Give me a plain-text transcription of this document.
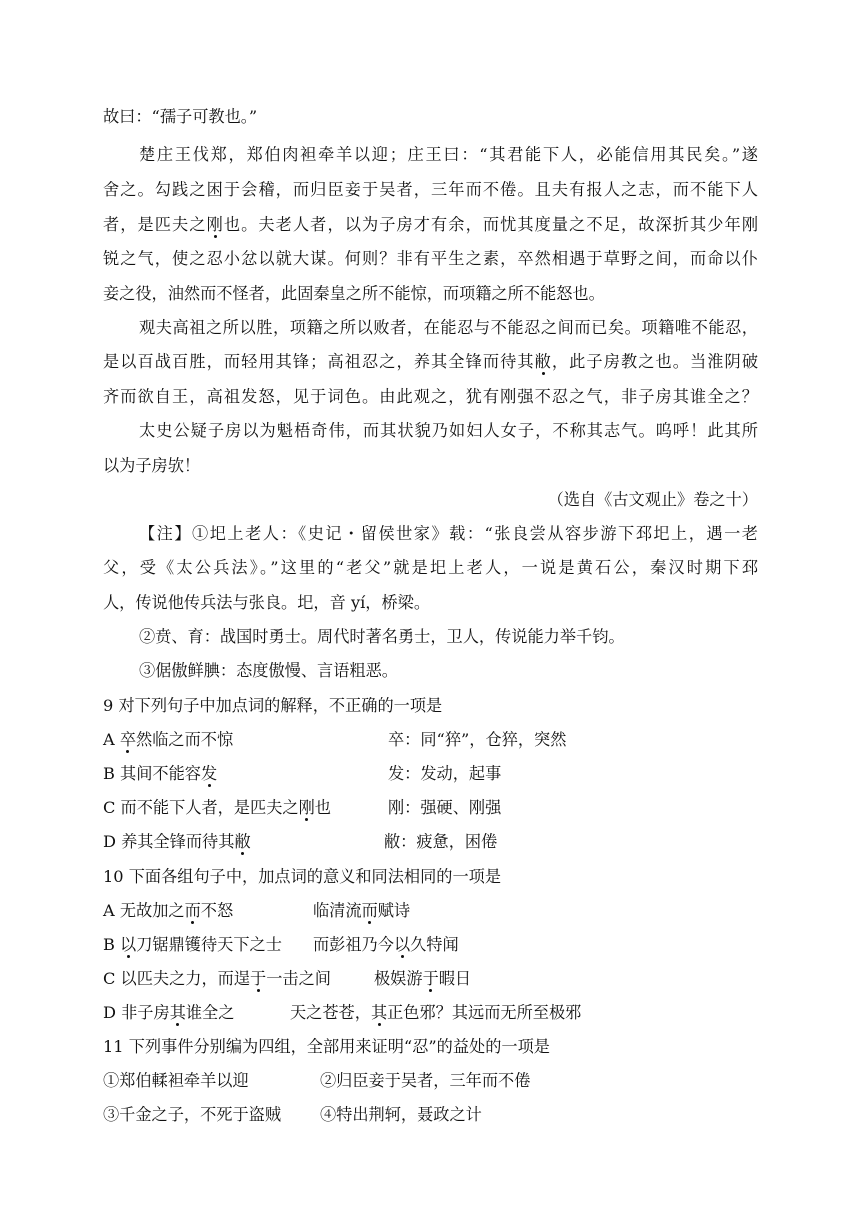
故曰：“孺子可教也。”
楚庄王伐郑，郑伯肉袒牵羊以迎；庄王曰：“其君能下人，必能信用其民矣。”遂
舍之。勾践之困于会稽，而归臣妾于吴者，三年而不倦。且夫有报人之志，而不能下人
者，是匹夫之刚也。夫老人者，以为子房才有余，而忧其度量之不足，故深折其少年刚
锐之气，使之忍小忿以就大谋。何则？非有平生之素，卒然相遇于草野之间，而命以仆
妾之役，油然而不怪者，此固秦皇之所不能惊，而项籍之所不能怒也。
观夫高祖之所以胜，项籍之所以败者，在能忍与不能忍之间而已矣。项籍唯不能忍，
是以百战百胜，而轻用其锋；高祖忍之，养其全锋而待其敝，此子房教之也。当淮阴破
齐而欲自王，高祖发怒，见于词色。由此观之，犹有刚强不忍之气，非子房其谁全之？
太史公疑子房以为魁梧奇伟，而其状貌乃如妇人女子，不称其志气。呜呼！此其所
以为子房欤！
（选自《古文观止》卷之十）
【注】①圯上老人：《史记・留侯世家》载：“张良尝从容步游下邳圯上，遇一老
父，受《太公兵法》。”这里的“老父”就是圯上老人，一说是黄石公，秦汉时期下邳
人，传说他传兵法与张良。圯，音 yí，桥梁。
②贲、育：战国时勇士。周代时著名勇士，卫人，传说能力举千钧。
③倨傲鲜腆：态度傲慢、言语粗恶。
9 对下列句子中加点词的解释，不正确的一项是
A 卒然临之而不惊	卒：同“猝”，仓猝，突然
B 其间不能容发	发：发动，起事
C 而不能下人者，是匹夫之刚也	刚：强硬、刚强
D 养其全锋而待其敝	敝：疲惫，困倦
10 下面各组句子中，加点词的意义和同法相同的一项是
A 无故加之而不怒	临清流而赋诗
B 以刀锯鼎镬待天下之士 而彭祖乃今以久特闻
C 以匹夫之力，而逞于一击之间	极娱游于暇日
D 非子房其谁全之	天之苍苍，其正色邪？其远而无所至极邪
11 下列事件分别编为四组，全部用来证明“忍”的益处的一项是
①郑伯輮袒牵羊以迎	②归臣妾于吴者，三年而不倦
③千金之子，不死于盗贼 ④特出荆轲，聂政之计
